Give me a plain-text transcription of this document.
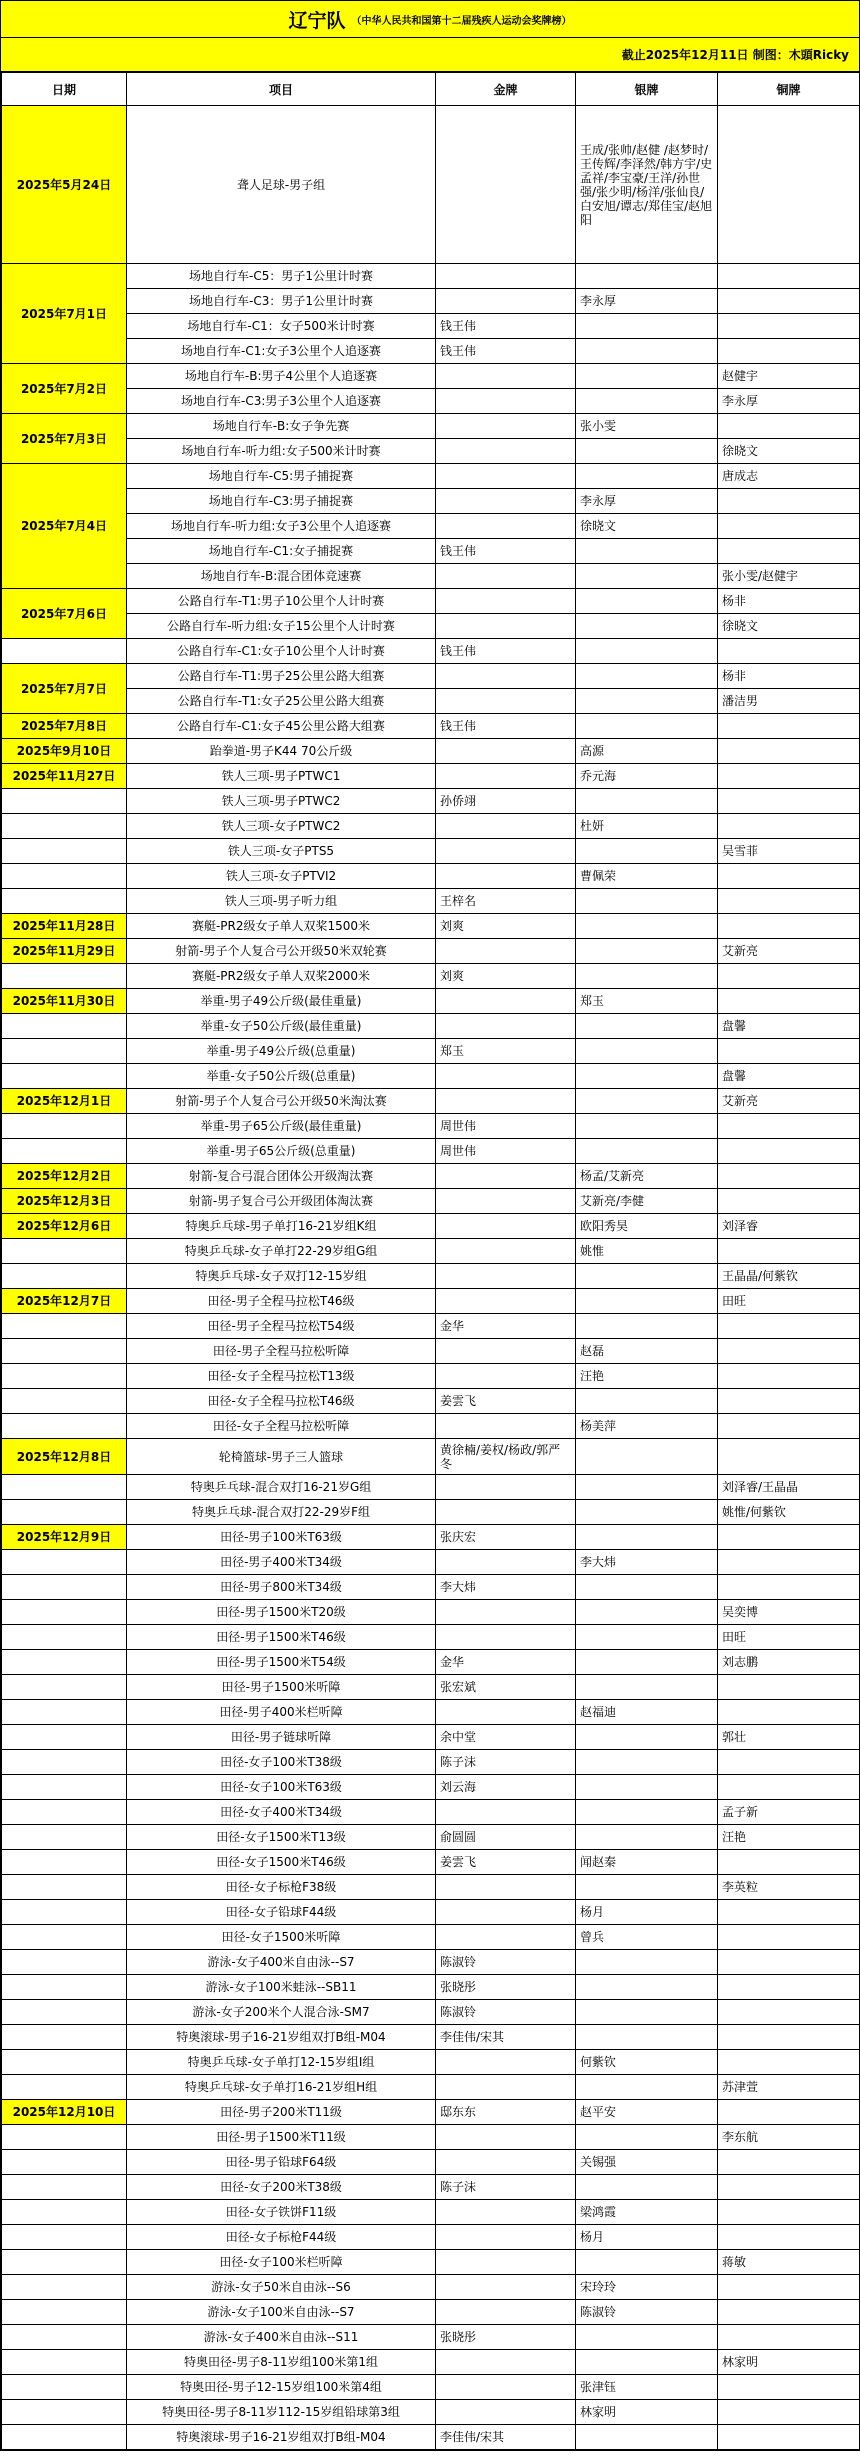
辽宁队 （中华人民共和国第十二届残疾人运动会奖牌榜）
截止2025年12月11日 制图：木頭Ricky
日期	项目	金牌	银牌	铜牌
2025年5月24日	聋人足球-男子组		王成/张帅/赵健 /赵梦时/王传辉/李泽然/韩方宇/史孟祥/李宝豪/王洋/孙世强/张少明/杨洋/张仙良/白安旭/谭志/郑佳宝/赵旭阳	
2025年7月1日	场地自行车-C5：男子1公里计时赛			
	场地自行车-C3：男子1公里计时赛		李永厚	
	场地自行车-C1：女子500米计时赛	钱王伟		
	场地自行车-C1:女子3公里个人追逐赛	钱王伟		
2025年7月2日	场地自行车-B:男子4公里个人追逐赛			赵健宇
	场地自行车-C3:男子3公里个人追逐赛			李永厚
2025年7月3日	场地自行车-B:女子争先赛		张小雯	
	场地自行车-听力组:女子500米计时赛			徐晓文
2025年7月4日	场地自行车-C5:男子捕捉赛			唐成志
	场地自行车-C3:男子捕捉赛		李永厚	
	场地自行车-听力组:女子3公里个人追逐赛		徐晓文	
	场地自行车-C1:女子捕捉赛	钱王伟		
	场地自行车-B:混合团体竞速赛			张小雯/赵健宇
2025年7月6日	公路自行车-T1:男子10公里个人计时赛			杨非
	公路自行车-听力组:女子15公里个人计时赛			徐晓文
	公路自行车-C1:女子10公里个人计时赛	钱王伟		
2025年7月7日	公路自行车-T1:男子25公里公路大组赛			杨非
	公路自行车-T1:女子25公里公路大组赛			潘洁男
2025年7月8日	公路自行车-C1:女子45公里公路大组赛	钱王伟		
2025年9月10日	跆拳道-男子K44 70公斤级		高源	
2025年11月27日	铁人三项-男子PTWC1		乔元海	
	铁人三项-男子PTWC2	孙侨翊		
	铁人三项-女子PTWC2		杜妍	
	铁人三项-女子PTS5			吴雪菲
	铁人三项-女子PTVI2		曹佩荣	
	铁人三项-男子听力组	王梓名		
2025年11月28日	赛艇-PR2级女子单人双桨1500米	刘爽		
2025年11月29日	射箭-男子个人复合弓公开级50米双轮赛			艾新亮
	赛艇-PR2级女子单人双桨2000米	刘爽		
2025年11月30日	举重-男子49公斤级(最佳重量)		郑玉	
	举重-女子50公斤级(最佳重量)			盘馨
	举重-男子49公斤级(总重量)	郑玉		
	举重-女子50公斤级(总重量)			盘馨
2025年12月1日	射箭-男子个人复合弓公开级50米淘汰赛			艾新亮
	举重-男子65公斤级(最佳重量)	周世伟		
	举重-男子65公斤级(总重量)	周世伟		
2025年12月2日	射箭-复合弓混合团体公开级淘汰赛		杨孟/艾新亮	
2025年12月3日	射箭-男子复合弓公开级团体淘汰赛		艾新亮/李健	
2025年12月6日	特奥乒乓球-男子单打16-21岁组K组		欧阳秀昊	刘泽睿
	特奥乒乓球-女子单打22-29岁组G组		姚惟	
	特奥乒乓球-女子双打12-15岁组			王晶晶/何紫钦
2025年12月7日	田径-男子全程马拉松T46级			田旺
	田径-男子全程马拉松T54级	金华		
	田径-男子全程马拉松听障		赵磊	
	田径-女子全程马拉松T13级		汪艳	
	田径-女子全程马拉松T46级	姜雲飞		
	田径-女子全程马拉松听障		杨美萍	
2025年12月8日	轮椅篮球-男子三人篮球	黄徐楠/姜权/杨政/郭严冬		
	特奥乒乓球-混合双打16-21岁G组			刘泽睿/王晶晶
	特奥乒乓球-混合双打22-29岁F组			姚惟/何紫钦
2025年12月9日	田径-男子100米T63级	张庆宏		
	田径-男子400米T34级		李大炜	
	田径-男子800米T34级	李大炜		
	田径-男子1500米T20级			吴奕博
	田径-男子1500米T46级			田旺
	田径-男子1500米T54级	金华		刘志鹏
	田径-男子1500米听障	张宏斌		
	田径-男子400米栏听障		赵福迪	
	田径-男子链球听障	余中堂		郭壮
	田径-女子100米T38级	陈子沫		
	田径-女子100米T63级	刘云海		
	田径-女子400米T34级			孟子新
	田径-女子1500米T13级	俞圆圆		汪艳
	田径-女子1500米T46级	姜雲飞	闻赵秦	
	田径-女子标枪F38级			李英粒
	田径-女子铅球F44级		杨月	
	田径-女子1500米听障		曾兵	
	游泳-女子400米自由泳--S7	陈淑铃		
	游泳-女子100米蛙泳--SB11	张晓彤		
	游泳-女子200米个人混合泳-SM7	陈淑铃		
	特奥滚球-男子16-21岁组双打B组-M04	李佳伟/宋其		
	特奥乒乓球-女子单打12-15岁组I组		何紫钦	
	特奥乒乓球-女子单打16-21岁组H组			苏津萱
2025年12月10日	田径-男子200米T11级	邸东东	赵平安	
	田径-男子1500米T11级			李东航
	田径-男子铅球F64级		关锡强	
	田径-女子200米T38级	陈子沫		
	田径-女子铁饼F11级		梁鸿霞	
	田径-女子标枪F44级		杨月	
	田径-女子100米栏听障			蒋敏
	游泳-女子50米自由泳--S6		宋玲玲	
	游泳-女子100米自由泳--S7		陈淑铃	
	游泳-女子400米自由泳--S11	张晓彤		
	特奥田径-男子8-11岁组100米第1组			林家明
	特奥田径-男子12-15岁组100米第4组		张津钰	
	特奥田径-男子8-11岁112-15岁组铅球第3组		林家明	
	特奥滚球-男子16-21岁组双打B组-M04	李佳伟/宋其		
